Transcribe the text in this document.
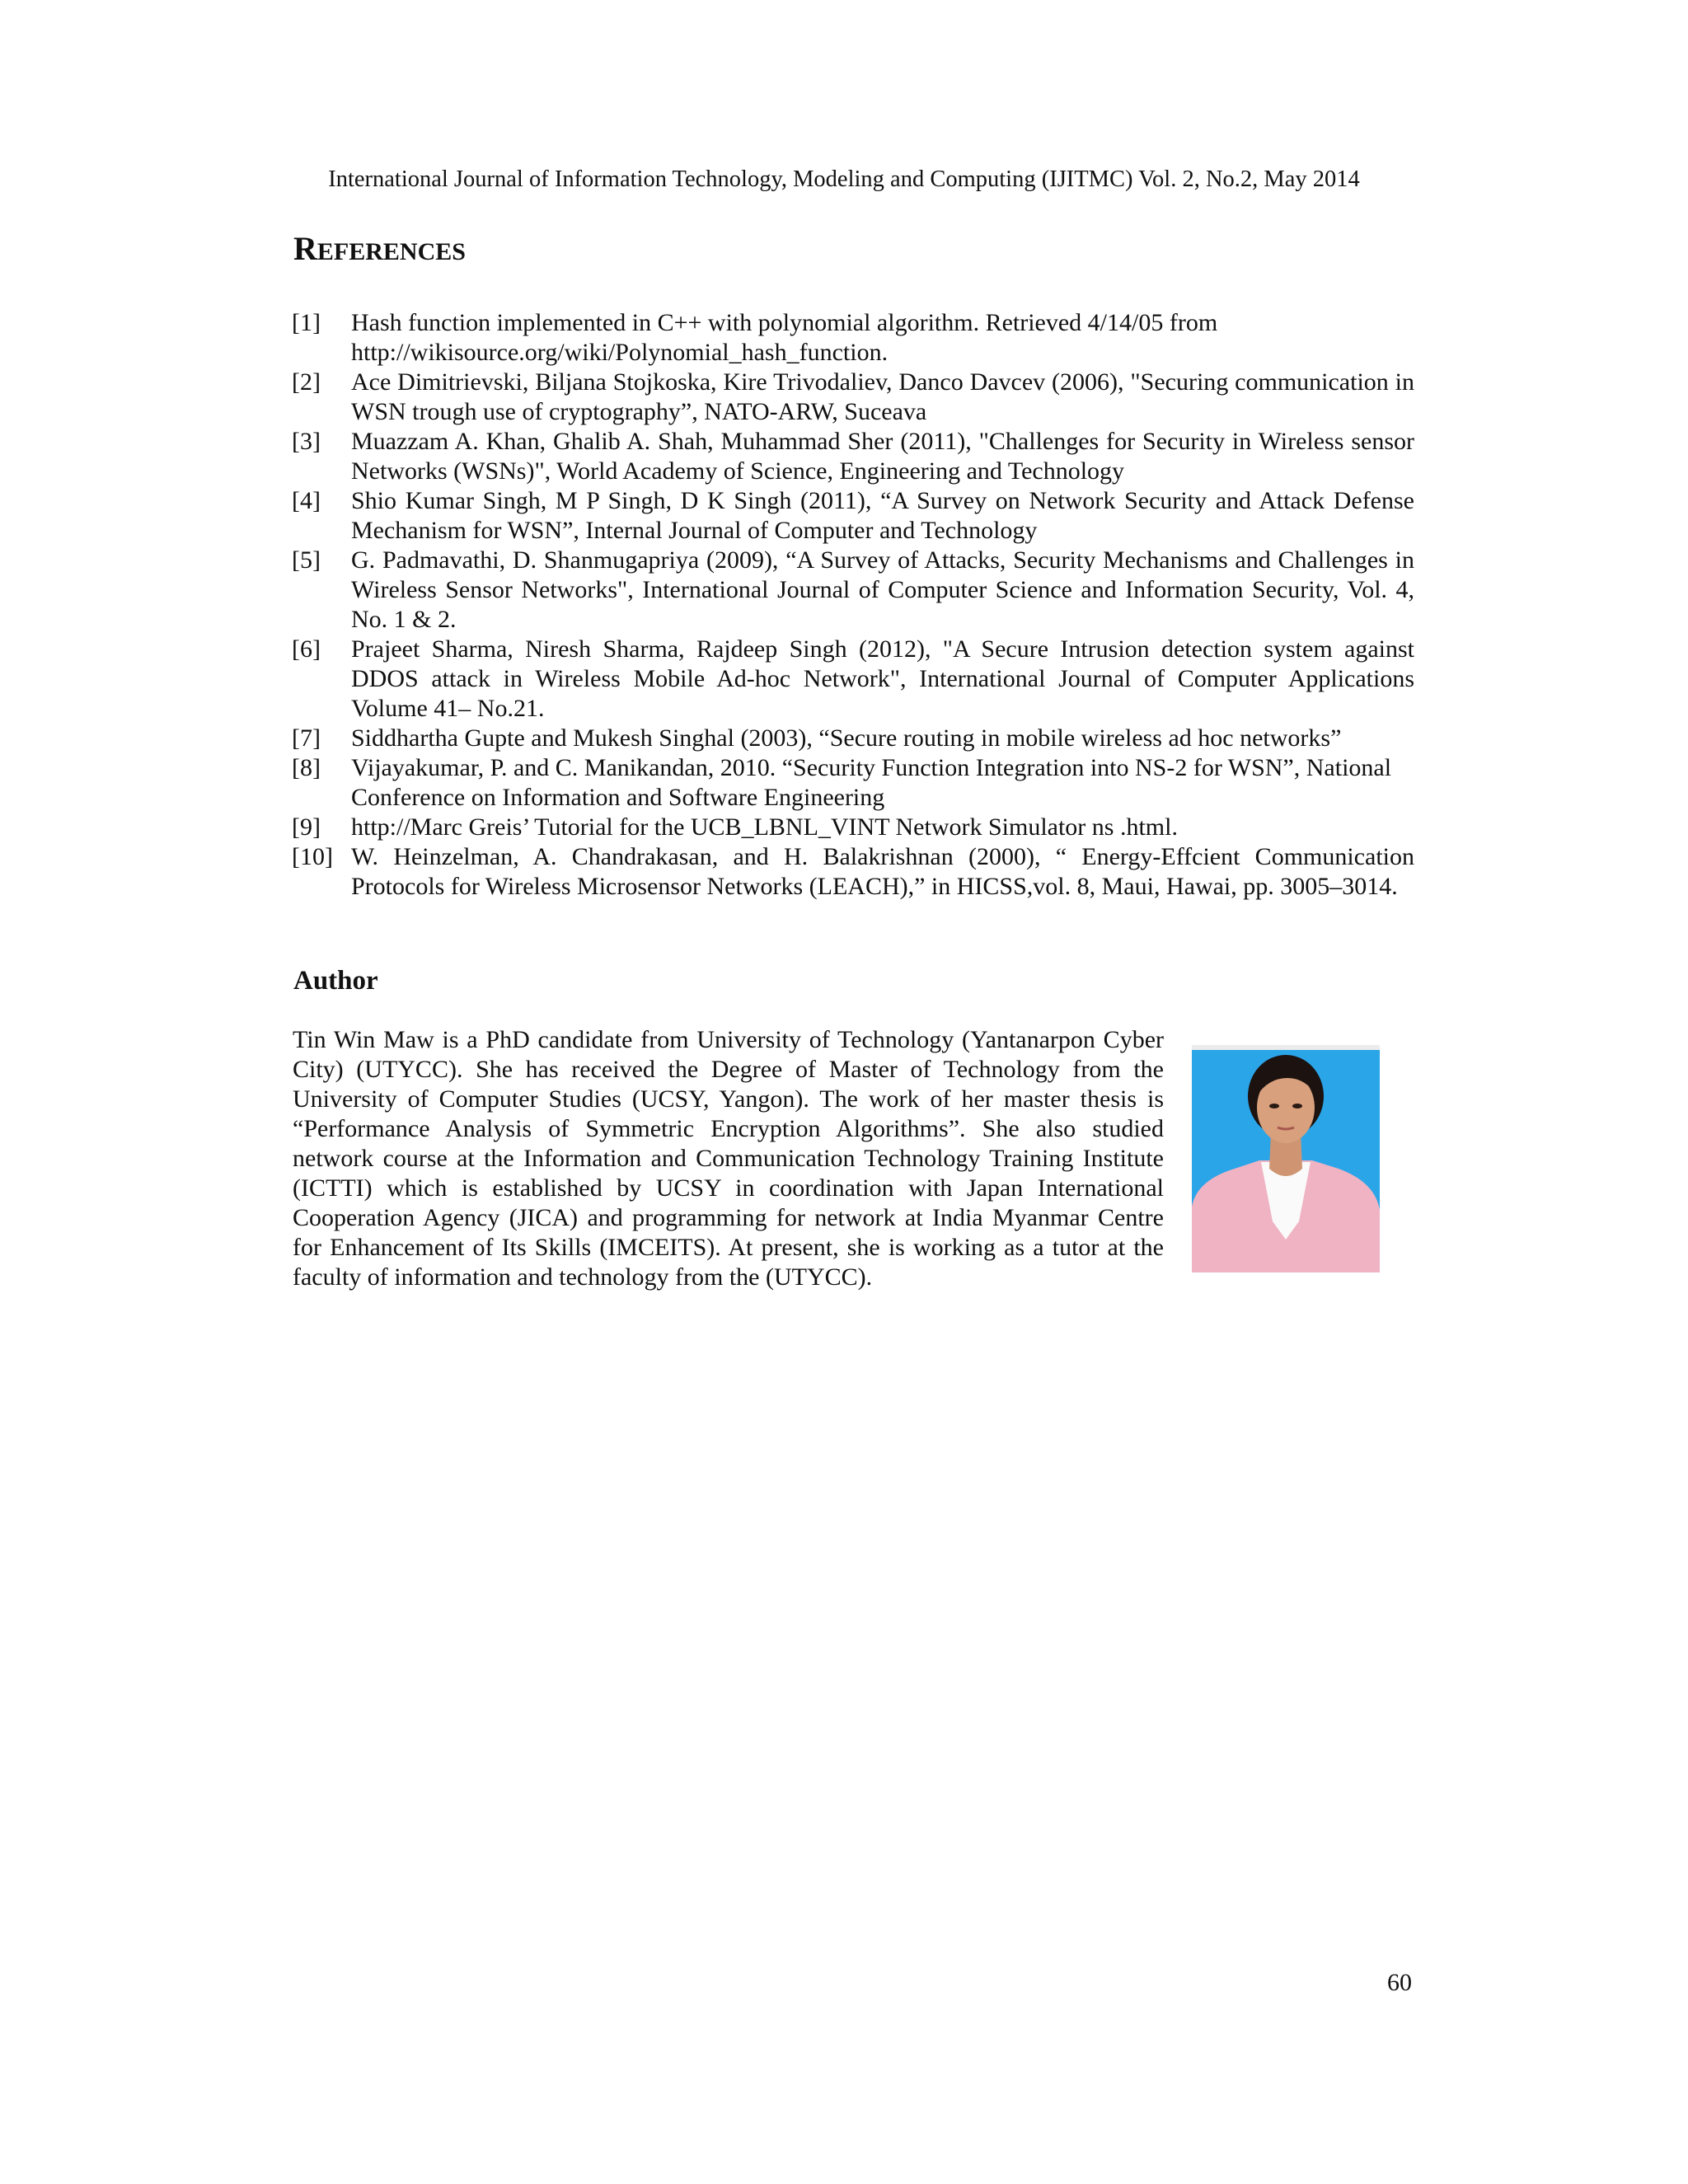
International Journal of Information Technology, Modeling and Computing (IJITMC) Vol. 2, No.2, May 2014
REFERENCES
[1] Hash function implemented in C++ with polynomial algorithm. Retrieved 4/14/05 from http://wikisource.org/wiki/Polynomial_hash_function.
[2] Ace Dimitrievski, Biljana Stojkoska, Kire Trivodaliev, Danco Davcev (2006), "Securing communication in WSN trough use of cryptography”, NATO-ARW, Suceava
[3] Muazzam A. Khan, Ghalib A. Shah, Muhammad Sher (2011), "Challenges for Security in Wireless sensor Networks (WSNs)", World Academy of Science, Engineering and Technology
[4] Shio Kumar Singh, M P Singh, D K Singh (2011), “A Survey on Network Security and Attack Defense Mechanism for WSN”, Internal Journal of Computer and Technology
[5] G. Padmavathi, D. Shanmugapriya (2009), “A Survey of Attacks, Security Mechanisms and Challenges in Wireless Sensor Networks", International Journal of Computer Science and Information Security, Vol. 4, No. 1 & 2.
[6] Prajeet Sharma, Niresh Sharma, Rajdeep Singh (2012), "A Secure Intrusion detection system against DDOS attack in Wireless Mobile Ad-hoc Network", International Journal of Computer Applications Volume 41– No.21.
[7] Siddhartha Gupte and Mukesh Singhal (2003), “Secure routing in mobile wireless ad hoc networks”
[8] Vijayakumar, P. and C. Manikandan, 2010. “Security Function Integration into NS-2 for WSN”, National Conference on Information and Software Engineering
[9] http://Marc Greis’ Tutorial for the UCB_LBNL_VINT Network Simulator ns .html.
[10] W. Heinzelman, A. Chandrakasan, and H. Balakrishnan (2000), “ Energy-Effcient Communication Protocols for Wireless Microsensor Networks (LEACH),” in HICSS,vol. 8, Maui, Hawai, pp. 3005–3014.
Author

Tin Win Maw is a PhD candidate from University of Technology (Yantanarpon Cyber City) (UTYCC). She has received the Degree of Master of Technology from the University of Computer Studies (UCSY, Yangon). The work of her master thesis is “Performance Analysis of Symmetric Encryption Algorithms”. She also studied network course at the Information and Communication Technology Training Institute (ICTTI) which is established by UCSY in coordination with Japan International Cooperation Agency (JICA) and programming for network at India Myanmar Centre for Enhancement of Its Skills (IMCEITS). At present, she is working as a tutor at the faculty of information and technology from the (UTYCC).

60
